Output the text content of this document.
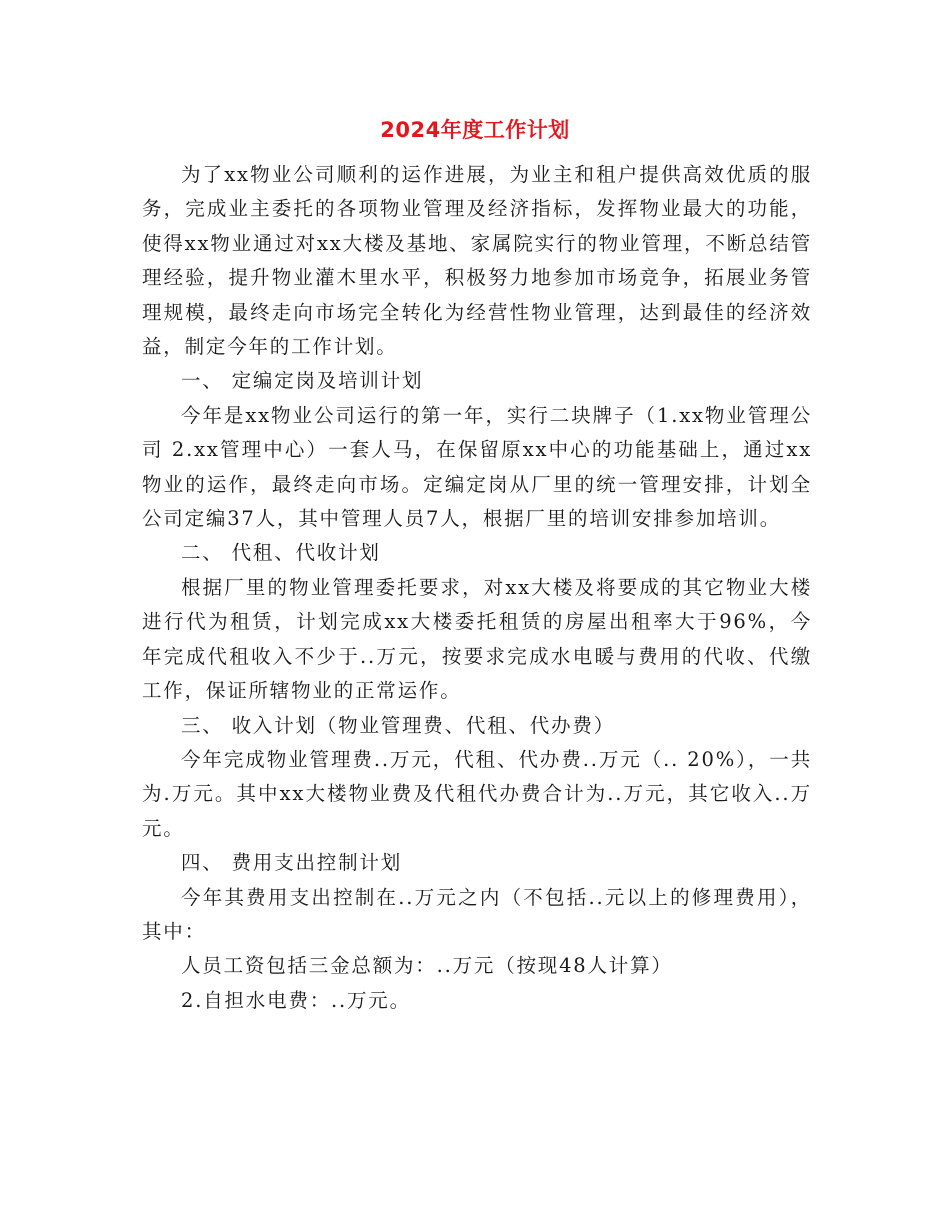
2024年度工作计划

为了xx物业公司顺利的运作进展，为业主和租户提供高效优质的服务，完成业主委托的各项物业管理及经济指标，发挥物业最大的功能，使得xx物业通过对xx大楼及基地、家属院实行的物业管理，不断总结管理经验，提升物业灌木里水平，积极努力地参加市场竞争，拓展业务管理规模，最终走向市场完全转化为经营性物业管理，达到最佳的经济效益，制定今年的工作计划。

一、 定编定岗及培训计划

今年是xx物业公司运行的第一年，实行二块牌子（1.xx物业管理公司 2.xx管理中心）一套人马，在保留原xx中心的功能基础上，通过xx物业的运作，最终走向市场。定编定岗从厂里的统一管理安排，计划全公司定编37人，其中管理人员7人，根据厂里的培训安排参加培训。

二、 代租、代收计划

根据厂里的物业管理委托要求，对xx大楼及将要成的其它物业大楼进行代为租赁，计划完成xx大楼委托租赁的房屋出租率大于96%，今年完成代租收入不少于..万元，按要求完成水电暖与费用的代收、代缴工作，保证所辖物业的正常运作。

三、 收入计划（物业管理费、代租、代办费）

今年完成物业管理费..万元，代租、代办费..万元（.. 20%），一共为.万元。其中xx大楼物业费及代租代办费合计为..万元，其它收入..万元。

四、 费用支出控制计划

今年其费用支出控制在..万元之内（不包括..元以上的修理费用），其中：

人员工资包括三金总额为：..万元（按现48人计算）

2.自担水电费：..万元。
